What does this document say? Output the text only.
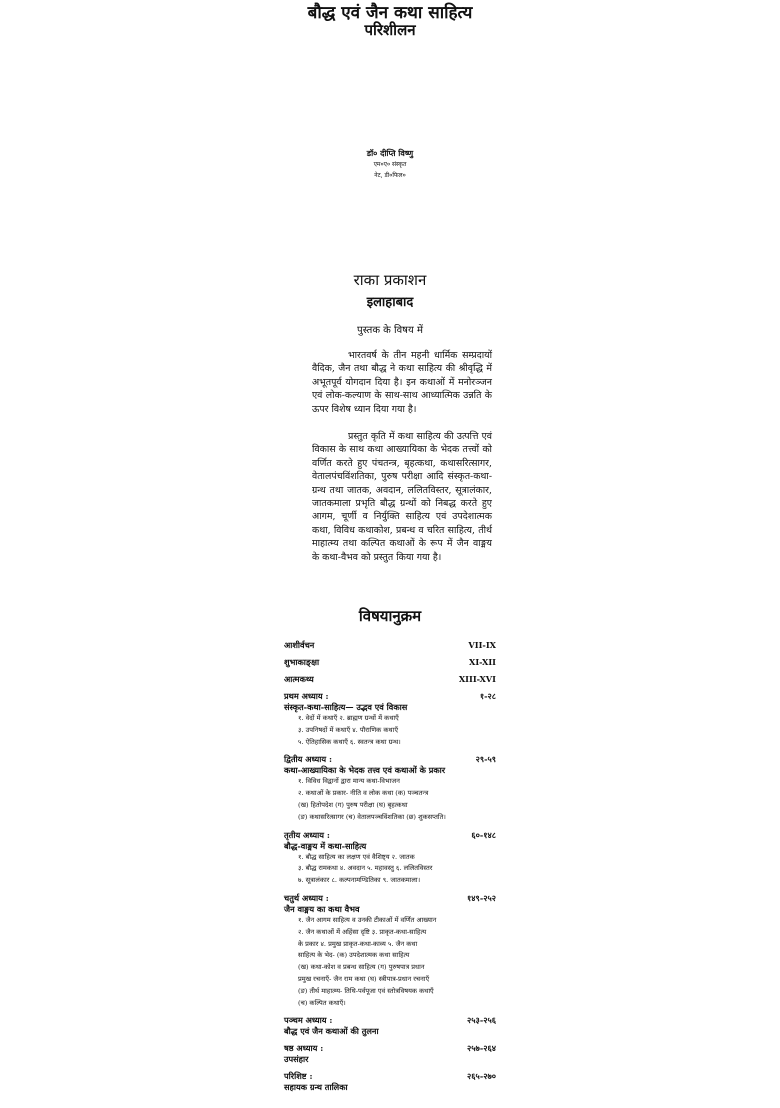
बौद्ध एवं जैन कथा साहित्य
परिशीलन
डॉ० दीप्ति विष्णु
एम०ए० संस्कृत
नेट, डी०फिल०
राका प्रकाशन
इलाहाबाद
पुस्तक के विषय में
भारतवर्ष के तीन महनी धार्मिक सम्प्रदायों वैदिक, जैन तथा बौद्ध ने कथा साहित्य की श्रीवृद्धि में अभूतपूर्व योगदान दिया है। इन कथाओं में मनोरञ्जन एवं लोक-कल्याण के साथ-साथ आध्यात्मिक उन्नति के ऊपर विशेष ध्यान दिया गया है।
प्रस्तुत कृति में कथा साहित्य की उत्पत्ति एवं विकास के साथ कथा आख्यायिका के भेदक तत्त्वों को वर्णित करते हुए पंचतन्त्र, बृहत्कथा, कथासरित्सागर, वेतालपंचविंशतिका, पुरुष परीक्षा आदि संस्कृत-कथा-ग्रन्थ तथा जातक, अवदान, ललितविस्तर, सूत्रालंकार, जातकमाला प्रभृति बौद्ध ग्रन्थों को निबद्ध करते हुए आगम, चूर्णी व निर्युक्ति साहित्य एवं उपदेशात्मक कथा, विविध कथाकोश, प्रबन्ध व चरित साहित्य, तीर्थ माहात्म्य तथा कल्पित कथाओं के रूप में जैन वाङ्मय के कथा-वैभव को प्रस्तुत किया गया है।
विषयानुक्रम
आशीर्वचन	VII-IX
शुभाकाङ्क्षा	XI-XII
आत्मकथ्य	XIII-XVI
प्रथम अध्याय :	१-२८
संस्कृत-कथा-साहित्य— उद्भव एवं विकास
१. वेदों में कथाएँ २. ब्राह्मण ग्रन्थों में कथाएँ
३. उपनिषदों में कथाएँ ४. पौराणिक कथाएँ
५. ऐतिहासिक कथाएँ ६. स्वतन्त्र कथा ग्रन्थ।
द्वितीय अध्याय :	२९-५९
कथा-आख्यायिका के भेदक तत्त्व एवं कथाओं के प्रकार
१. विविध विद्वानों द्वारा मान्य कथा-विभाजन
२. कथाओं के प्रकार- नीति व लोक कथा (क) पञ्चतन्त्र
(ख) हितोपदेश (ग) पुरुष परीक्षा (घ) बृहत्कथा
(ङ) कथासरित्सागर (च) वेतालपञ्चविंशतिका (छ) शुकसप्तति।
तृतीय अध्याय :	६०-१४८
बौद्ध-वाङ्मय में कथा-साहित्य
१. बौद्ध साहित्य का लक्षण एवं वैशिष्ट्य २. जातक
३. बौद्ध रामकथा ४. अवदान ५. महावस्तु ६. ललितविस्तर
७. सूत्रालंकार ८. कल्पनामण्डितिका ९. जातकमाला।
चतुर्थ अध्याय :	१४९-२५२
जैन वाङ्मय का कथा वैभव
१. जैन आगम साहित्य व उनकी टीकाओं में वर्णित आख्यान
२. जैन कथाओं में अहिंसा दृष्टि ३. प्राकृत-कथा-साहित्य
के प्रकार ४. प्रमुख प्राकृत-कथा-काव्य ५. जैन कथा
साहित्य के भेद- (क) उपदेशात्मक कथा साहित्य
(ख) कथा-कोश व प्रबन्ध साहित्य (ग) पुरुषपात्र प्रधान
प्रमुख रचनाएँ- जैन राम कथा (घ) स्त्रीपात्र-प्रधान रचनाएँ
(ङ) तीर्थ माहात्म्य- तिथि-पर्वपूजा एवं स्तोत्रविषयक कथाएँ
(च) कल्पित कथाएँ।
पञ्चम अध्याय :	२५३-२५६
बौद्ध एवं जैन कथाओं की तुलना
षष्ठ अध्याय :	२५७-२६४
उपसंहार
परिशिष्ट :	२६५-२७०
सहायक ग्रन्थ तालिका
